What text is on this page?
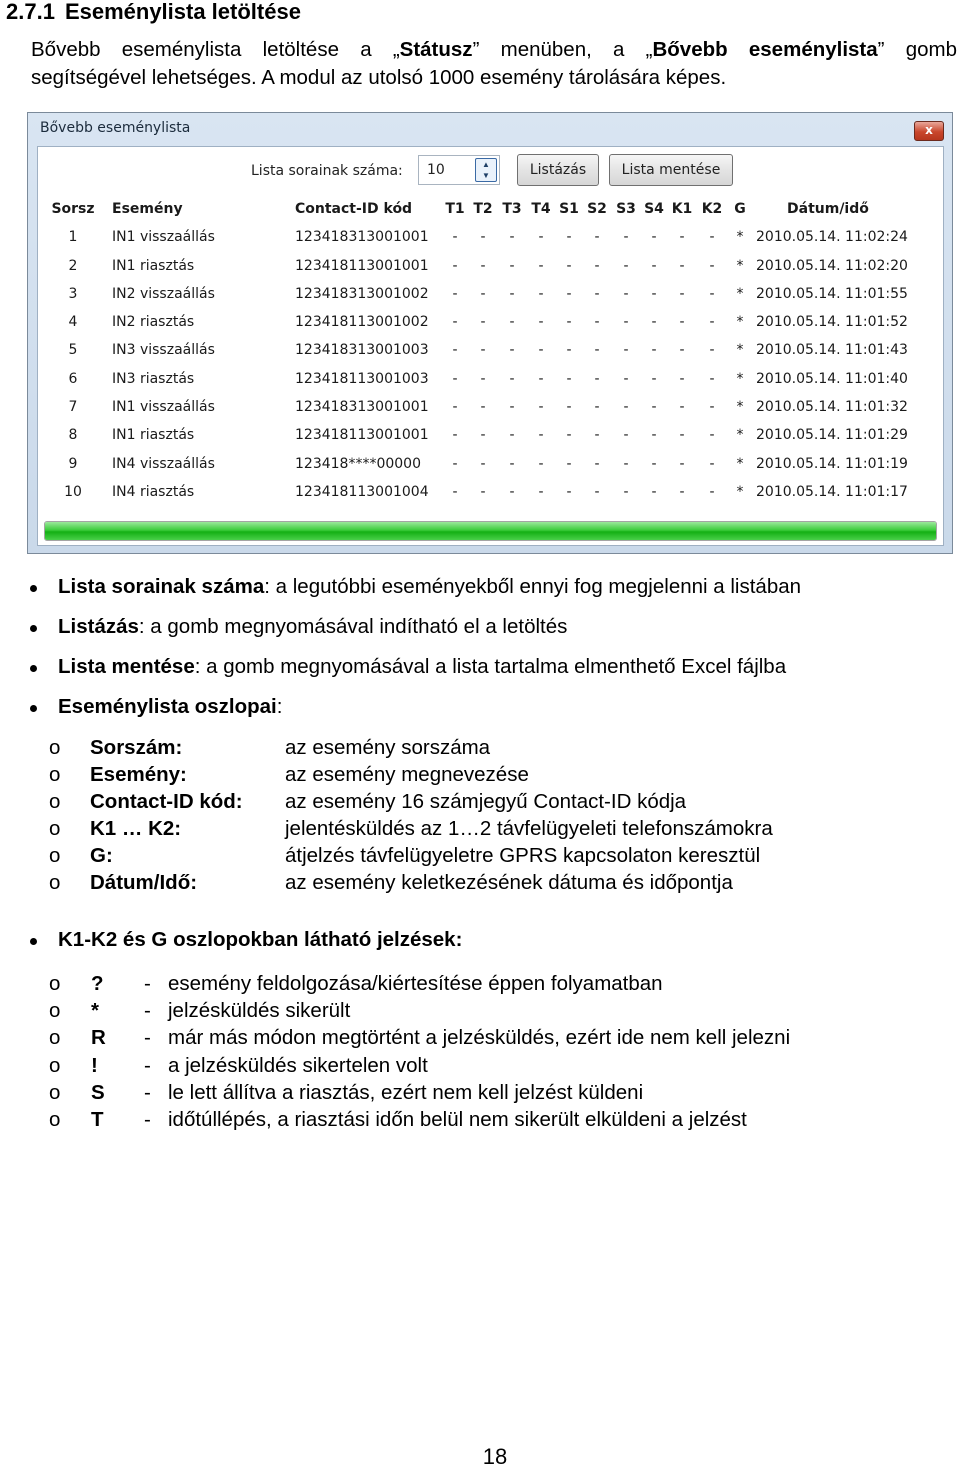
2.7.1 Eseménylista letöltése

Bővebb eseménylista letöltése a „Státusz” menüben, a „Bővebb eseménylista” gomb

segítségével lehetséges. A modul az utolsó 1000 esemény tárolására képes.

Bővebb eseménylista	x
Lista sorainak száma: 10	▲
▼	Listázás	Lista mentése
Sorsz Esemény	Contact-ID kód	T1 T2 T3 T4 S1 S2 S3 S4 K1 K2 G	Dátum/idő
1	IN1 visszaállás	123418313001001	-	-	-	-	-	-	-	-	-	-	* 2010.05.14. 11:02:24
2	IN1 riasztás	123418113001001	-	-	-	-	-	-	-	-	-	-	* 2010.05.14. 11:02:20
3	IN2 visszaállás	123418313001002	-	-	-	-	-	-	-	-	-	-	* 2010.05.14. 11:01:55
4	IN2 riasztás	123418113001002	-	-	-	-	-	-	-	-	-	-	* 2010.05.14. 11:01:52
5	IN3 visszaállás	123418313001003	-	-	-	-	-	-	-	-	-	-	* 2010.05.14. 11:01:43
6	IN3 riasztás	123418113001003	-	-	-	-	-	-	-	-	-	-	* 2010.05.14. 11:01:40
7	IN1 visszaállás	123418313001001	-	-	-	-	-	-	-	-	-	-	* 2010.05.14. 11:01:32
8	IN1 riasztás	123418113001001	-	-	-	-	-	-	-	-	-	-	* 2010.05.14. 11:01:29
9	IN4 visszaállás	123418****00000	-	-	-	-	-	-	-	-	-	-	* 2010.05.14. 11:01:19
10	IN4 riasztás	123418113001004	-	-	-	-	-	-	-	-	-	-	* 2010.05.14. 11:01:17
Lista sorainak száma: a legutóbbi eseményekből ennyi fog megjelenni a listában
Listázás: a gomb megnyomásával indítható el a letöltés
Lista mentése: a gomb megnyomásával a lista tartalma elmenthető Excel fájlba
Eseménylista oszlopai:
o Sorszám:	az esemény sorszáma
o Esemény:	az esemény megnevezése
o Contact-ID kód: az esemény 16 számjegyű Contact-ID kódja
o K1 … K2:	jelentésküldés az 1…2 távfelügyeleti telefonszámokra
o G:	átjelzés távfelügyeletre GPRS kapcsolaton keresztül
o Dátum/Idő:	az esemény keletkezésének dátuma és időpontja
K1-K2 és G oszlopokban látható jelzések:
o ? - esemény feldolgozása/kiértesítése éppen folyamatban
o * - jelzésküldés sikerült
o R - már más módon megtörtént a jelzésküldés, ezért ide nem kell jelezni
o ! - a jelzésküldés sikertelen volt
o S - le lett állítva a riasztás, ezért nem kell jelzést küldeni
o T - időtúllépés, a riasztási időn belül nem sikerült elküldeni a jelzést
18
